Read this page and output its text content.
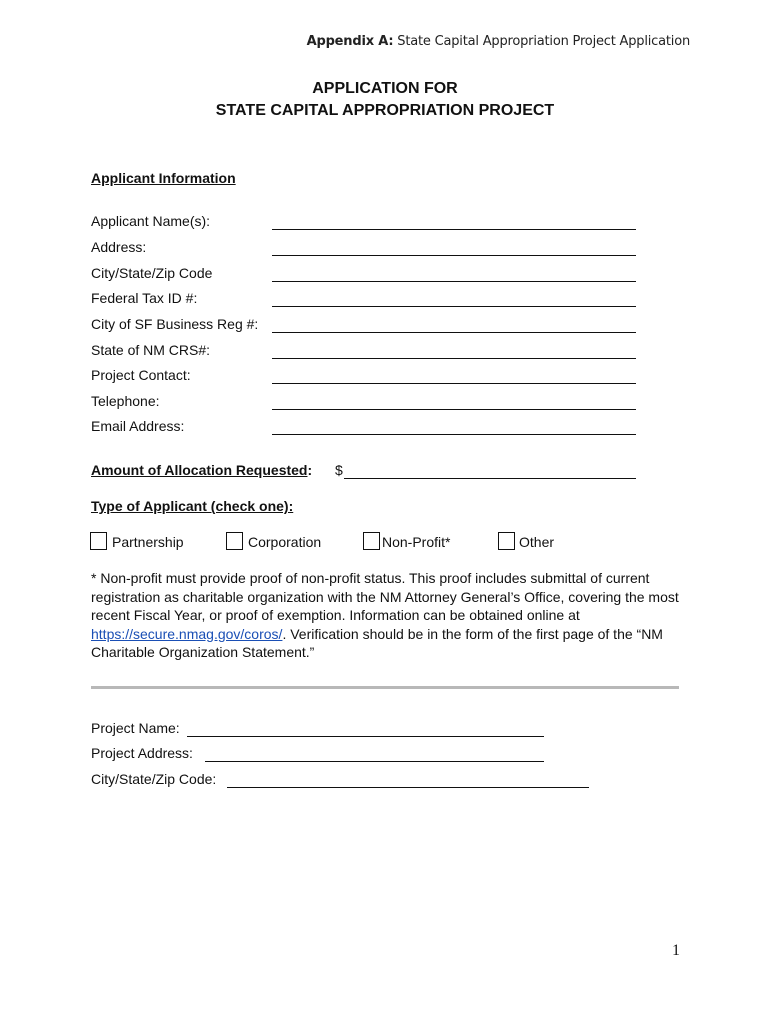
Appendix A: State Capital Appropriation Project Application
APPLICATION FOR
STATE CAPITAL APPROPRIATION PROJECT
Applicant Information
Applicant Name(s):
Address:
City/State/Zip Code
Federal Tax ID #:
City of SF Business Reg #:
State of NM CRS#:
Project Contact:
Telephone:
Email Address:
Amount of Allocation Requested: $
Type of Applicant (check one):
Partnership	Corporation	Non-Profit*	Other
* Non-profit must provide proof of non-profit status. This proof includes submittal of current registration as charitable organization with the NM Attorney General’s Office, covering the most recent Fiscal Year, or proof of exemption. Information can be obtained online at https://secure.nmag.gov/coros/. Verification should be in the form of the first page of the “NM Charitable Organization Statement.”
Project Name:
Project Address:
City/State/Zip Code:
1
